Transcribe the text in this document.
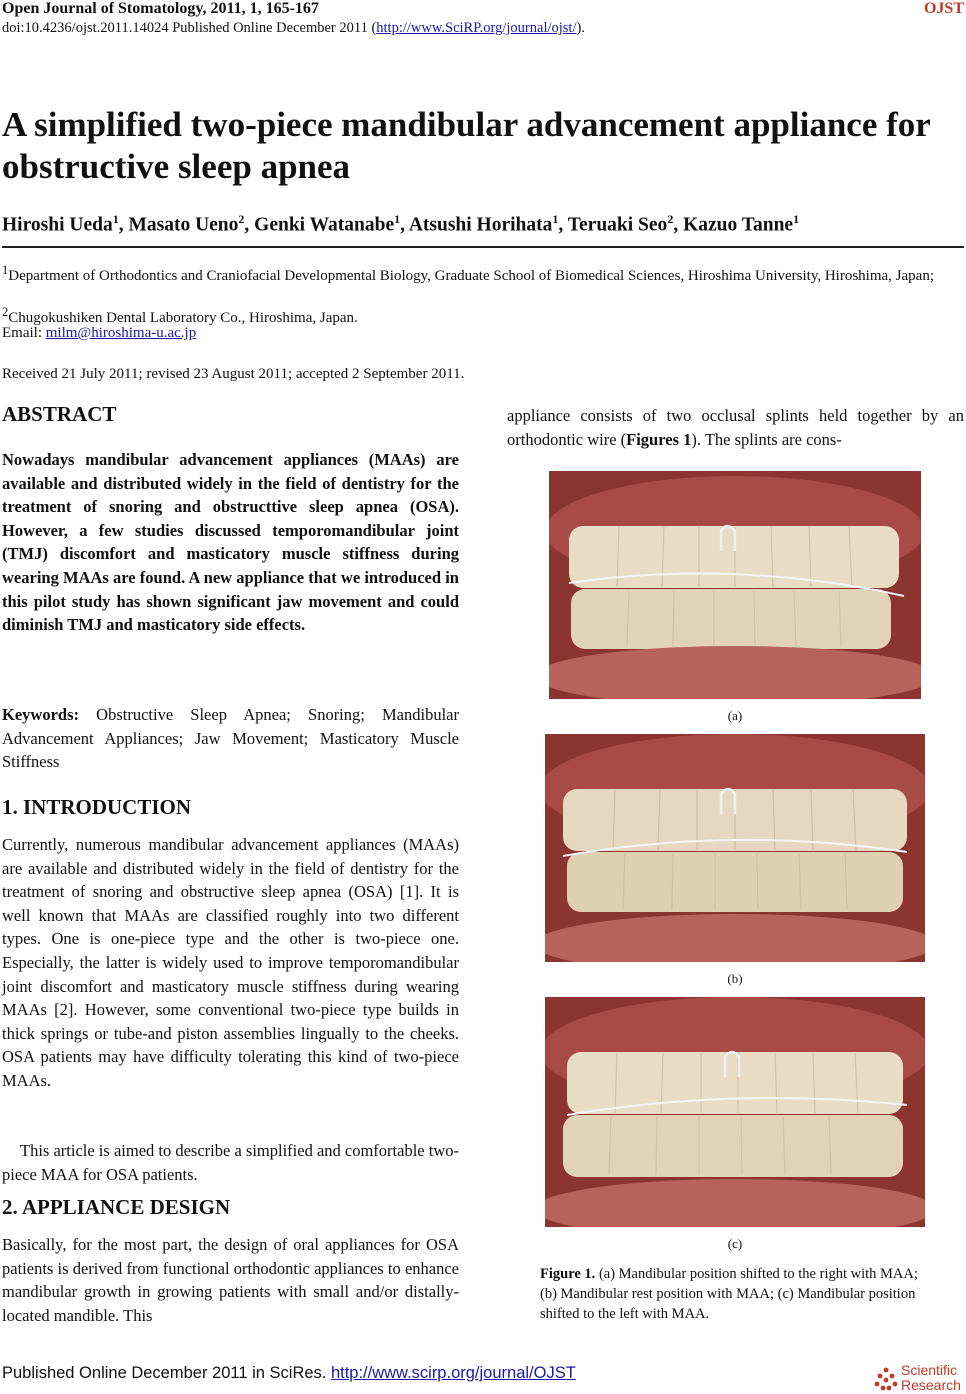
Open Journal of Stomatology, 2011, 1, 165-167	OJST
doi:10.4236/ojst.2011.14024 Published Online December 2011 (http://www.SciRP.org/journal/ojst/).
A simplified two-piece mandibular advancement appliance for obstructive sleep apnea
Hiroshi Ueda$^1$, Masato Ueno$^2$, Genki Watanabe$^1$, Atsushi Horihata$^1$, Teruaki Seo$^2$, Kazuo Tanne$^1$
$^1$Department of Orthodontics and Craniofacial Developmental Biology, Graduate School of Biomedical Sciences, Hiroshima University, Hiroshima, Japan;
$^2$Chugokushiken Dental Laboratory Co., Hiroshima, Japan.
Email: milm@hiroshima-u.ac.jp
Received 21 July 2011; revised 23 August 2011; accepted 2 September 2011.
ABSTRACT
Nowadays mandibular advancement appliances (MAAs) are available and distributed widely in the field of dentistry for the treatment of snoring and obstructtive sleep apnea (OSA). However, a few studies discussed temporomandibular joint (TMJ) discomfort and masticatory muscle stiffness during wearing MAAs are found. A new appliance that we introduced in this pilot study has shown significant jaw movement and could diminish TMJ and masticatory side effects.
Keywords: Obstructive Sleep Apnea; Snoring; Mandibular Advancement Appliances; Jaw Movement; Masticatory Muscle Stiffness
1. INTRODUCTION
Currently, numerous mandibular advancement appliances (MAAs) are available and distributed widely in the field of dentistry for the treatment of snoring and obstructive sleep apnea (OSA) [1]. It is well known that MAAs are classified roughly into two different types. One is one-piece type and the other is two-piece one. Especially, the latter is widely used to improve temporomandibular joint discomfort and masticatory muscle stiffness during wearing MAAs [2]. However, some conventional two-piece type builds in thick springs or tube-and piston assemblies lingually to the cheeks. OSA patients may have difficulty tolerating this kind of two-piece MAAs.
This article is aimed to describe a simplified and comfortable two-piece MAA for OSA patients.
2. APPLIANCE DESIGN
Basically, for the most part, the design of oral appliances for OSA patients is derived from functional orthodontic appliances to enhance mandibular growth in growing patients with small and/or distally-located mandible. This
appliance consists of two occlusal splints held together by an orthodontic wire (Figures 1). The splints are cons-
(a)
(b)
(c)
Figure 1. (a) Mandibular position shifted to the right with MAA; (b) Mandibular rest position with MAA; (c) Mandibular position shifted to the left with MAA.
Published Online December 2011 in SciRes. http://www.scirp.org/journal/OJST	Scientific
Research
